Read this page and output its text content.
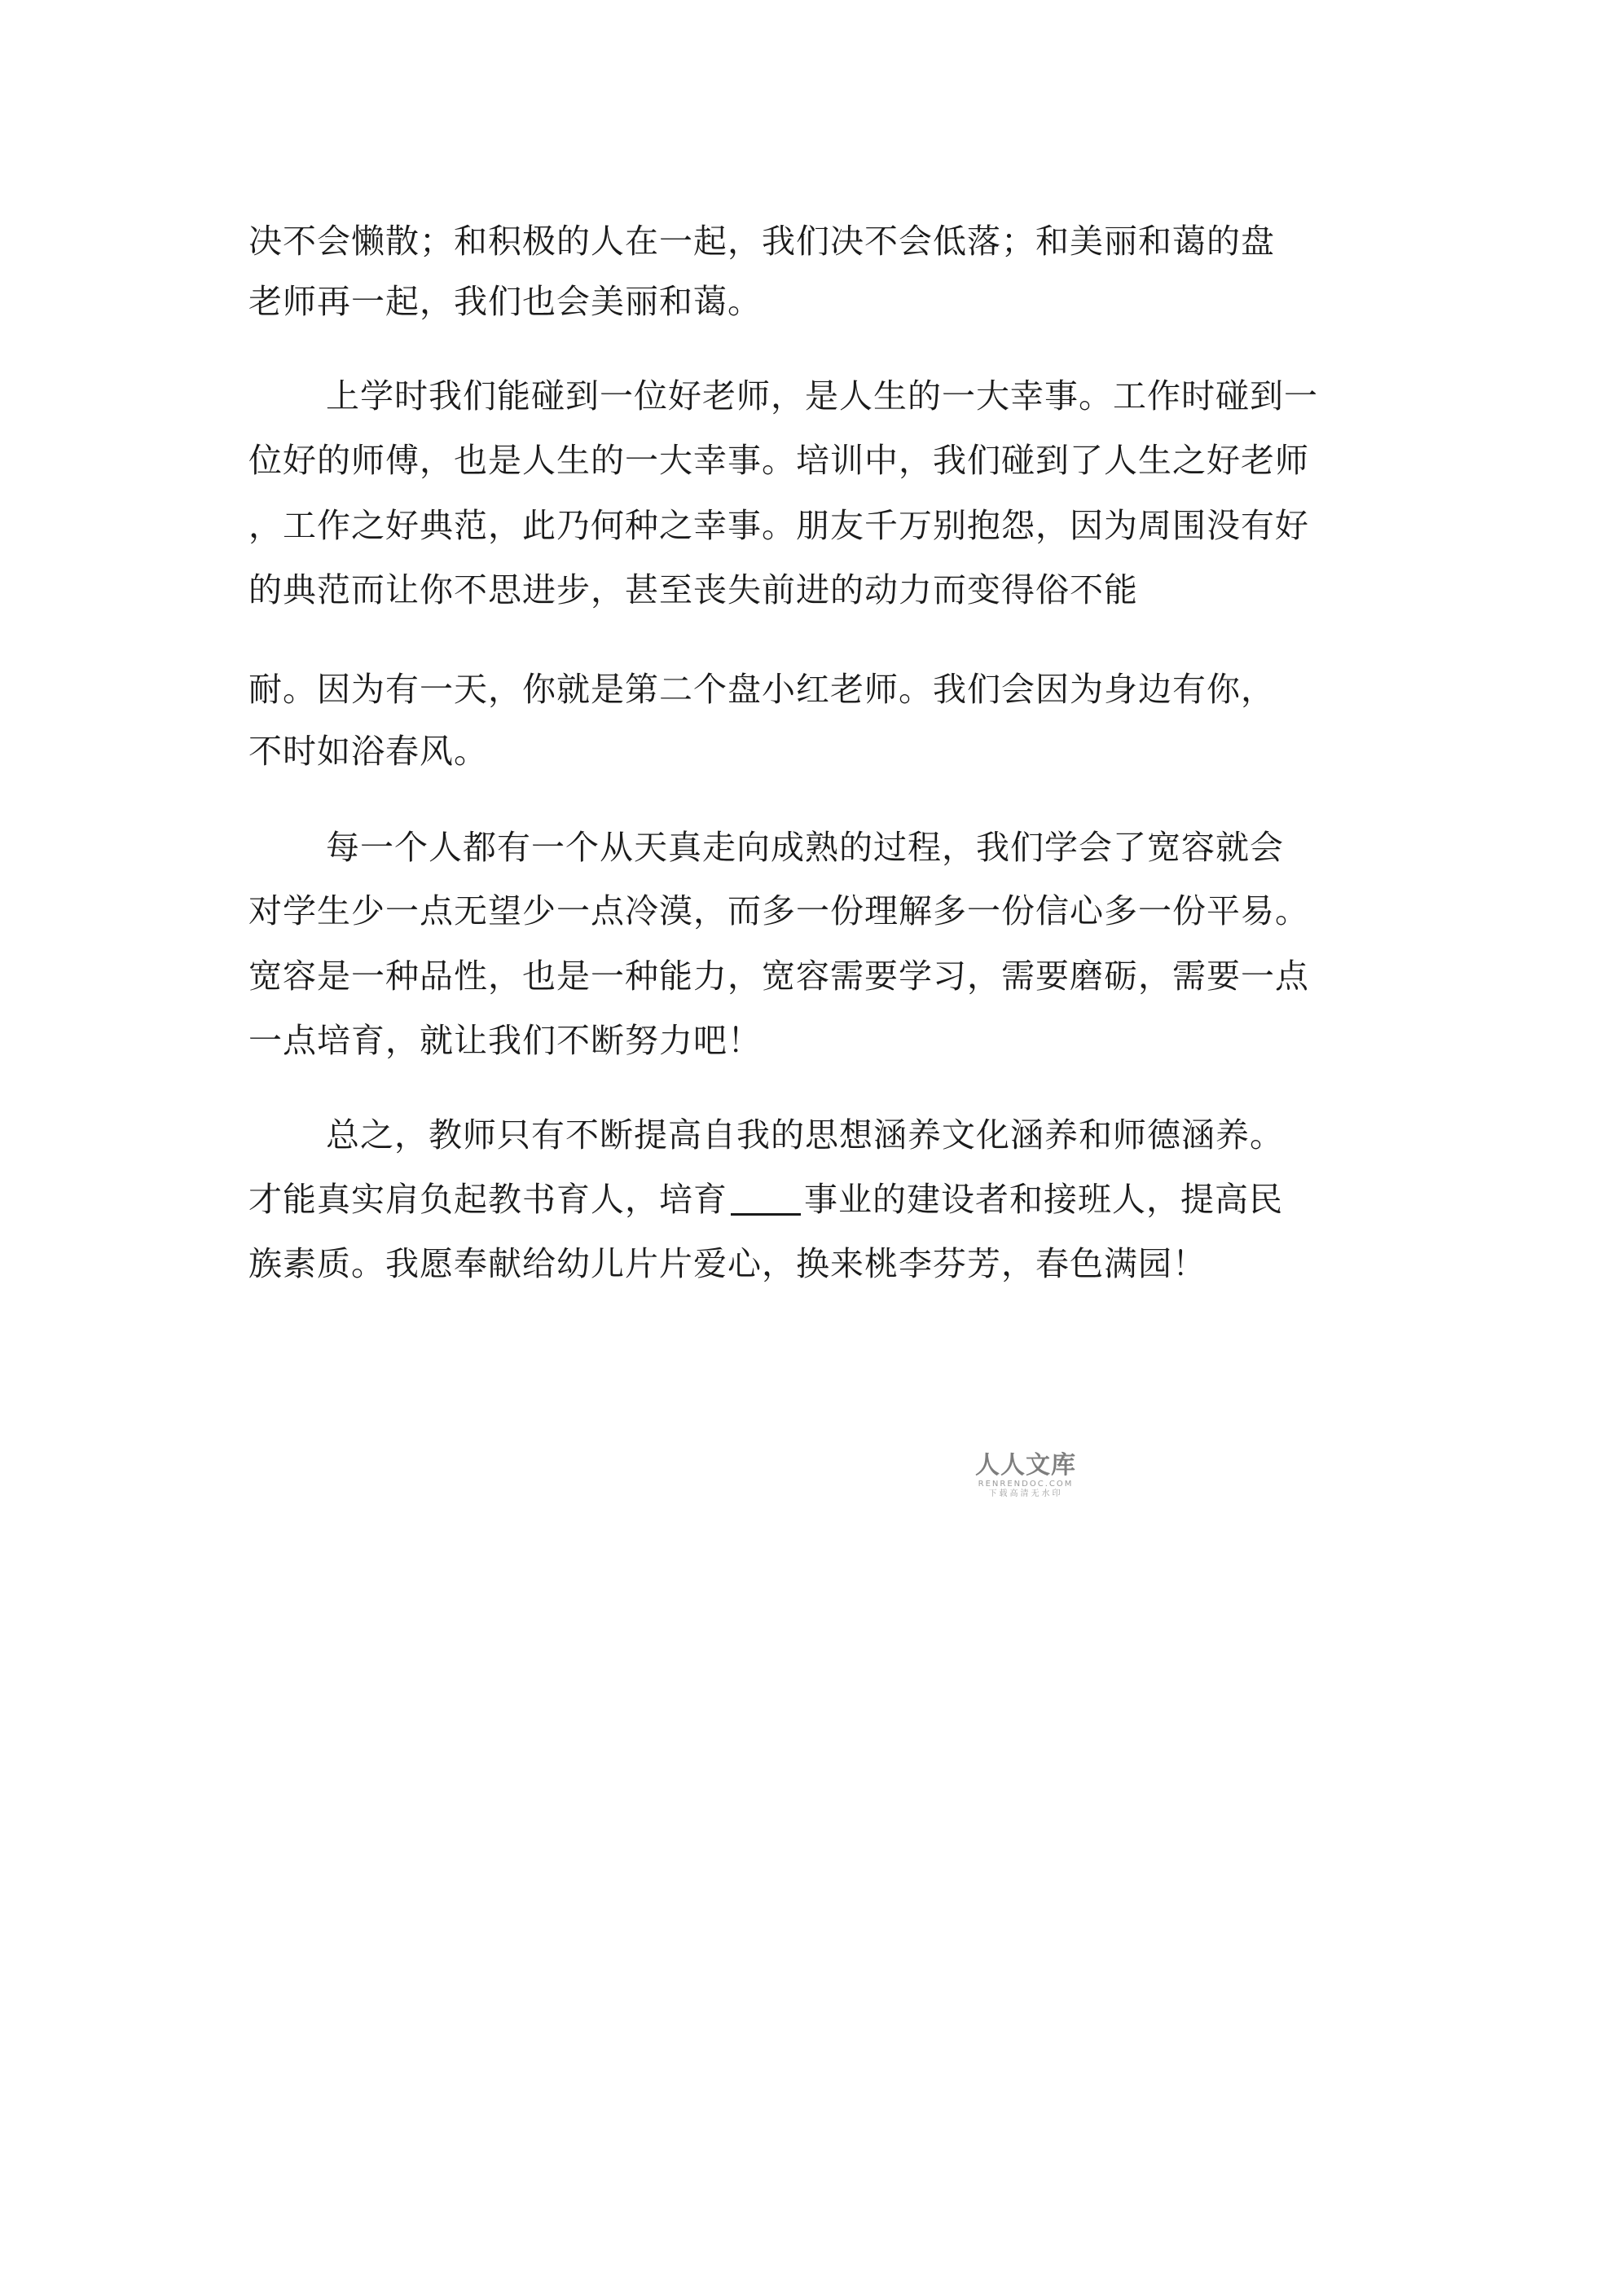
决不会懒散；和积极的人在一起，我们决不会低落；和美丽和蔼的盘
老师再一起，我们也会美丽和蔼。
上学时我们能碰到一位好老师，是人生的一大幸事。工作时碰到一
位好的师傅，也是人生的一大幸事。培训中，我们碰到了人生之好老师
，工作之好典范，此乃何种之幸事。朋友千万别抱怨，因为周围没有好
的典范而让你不思进步，甚至丧失前进的动力而变得俗不能
耐。因为有一天，你就是第二个盘小红老师。我们会因为身边有你，
不时如浴春风。
每一个人都有一个从天真走向成熟的过程，我们学会了宽容就会
对学生少一点无望少一点冷漠，而多一份理解多一份信心多一份平易。
宽容是一种品性，也是一种能力，宽容需要学习，需要磨砺，需要一点
一点培育，就让我们不断努力吧！
总之，教师只有不断提高自我的思想涵养文化涵养和师德涵养。
才能真实肩负起教书育人，培育 事业的建设者和接班人，提高民
族素质。我愿奉献给幼儿片片爱心，换来桃李芬芳，春色满园！
人人文库
RENRENDOC.COM
下载高清无水印
